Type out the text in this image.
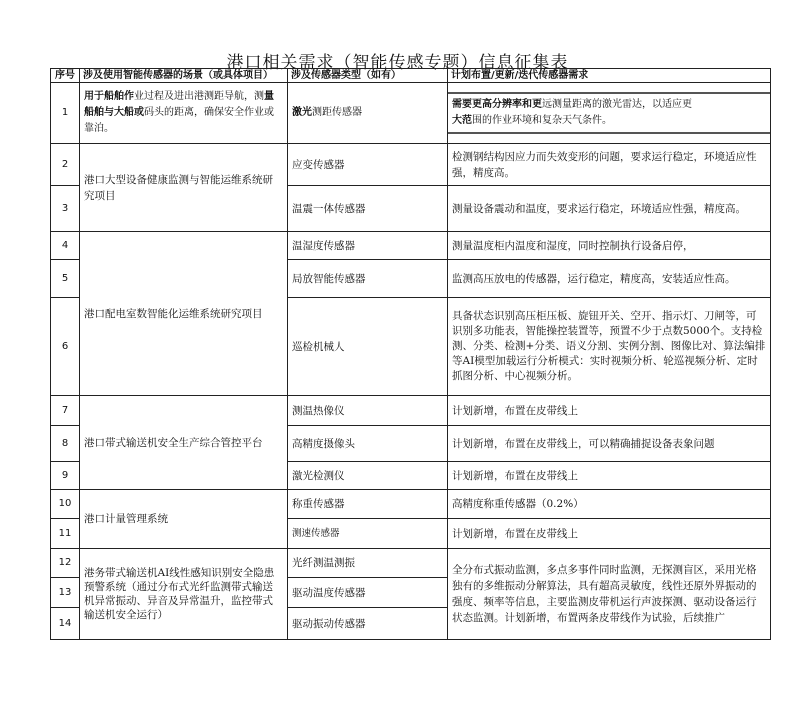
港口相关需求（智能传感专题）信息征集表
序号	涉及使用智能传感器的场景（或具体项目）	涉及传感器类型（如有）	计划布置/更新/迭代传感器需求
1	用于船舶作业过程及进出港测距导航，测量船舶与大船或码头的距离，确保安全作业或靠泊。	激光测距传感器	需要更高分辨率和更远测量距离的激光雷达，以适应更
大范围的作业环境和复杂天气条件。

2	港口大型设备健康监测与智能运维系统研究项目	应变传感器	检测钢结构因应力而失效变形的问题，要求运行稳定，环境适应性强，精度高。
3		温震一体传感器	测量设备震动和温度，要求运行稳定，环境适应性强，精度高。
4	港口配电室数智能化运维系统研究项目	温湿度传感器	测量温度柜内温度和湿度，同时控制执行设备启停，
5		局放智能传感器	监测高压放电的传感器，运行稳定，精度高，安装适应性高。
6		巡检机械人	具备状态识别高压柜压板、旋钮开关、空开、指示灯、刀闸等，可识别多功能表，智能操控装置等，预置不少于点数5000个。支持检测、分类、检测+分类、语义分割、实例分割、图像比对、算法编排等AI模型加载运行分析模式：实时视频分析、轮巡视频分析、定时抓图分析、中心视频分析。
7	港口带式输送机安全生产综合管控平台	测温热像仪	计划新增，布置在皮带线上
8		高精度摄像头	计划新增，布置在皮带线上，可以精确捕捉设备表象问题
9		激光检测仪	计划新增，布置在皮带线上
10	港口计量管理系统	称重传感器	高精度称重传感器（0.2%）
11		测速传感器	计划新增，布置在皮带线上
12	港务带式输送机AI线性感知识别安全隐患预警系统（通过分布式光纤监测带式输送机异常振动、异音及异常温升，监控带式输送机安全运行）	光纤测温测振	全分布式振动监测，多点多事件同时监测，无探测盲区，采用光格独有的多维振动分解算法，具有超高灵敏度，线性还原外界振动的强度、频率等信息，主要监测皮带机运行声波探测、驱动设备运行状态监测。计划新增，布置两条皮带线作为试验，后续推广
13		驱动温度传感器	
14		驱动振动传感器	
